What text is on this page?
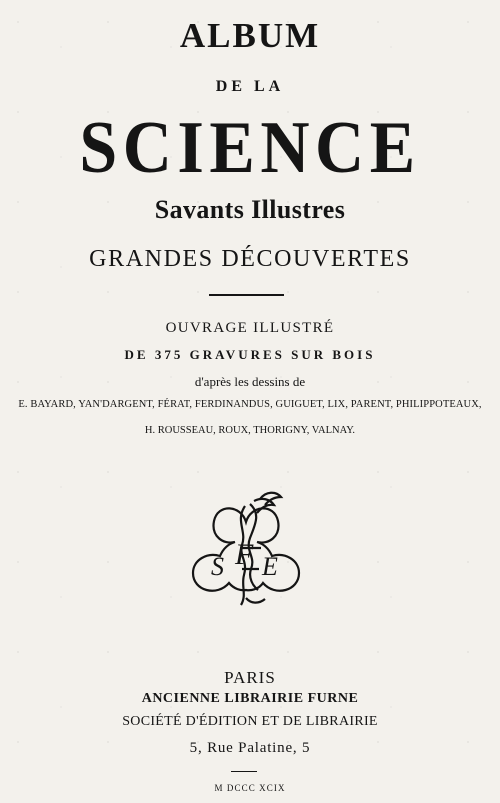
ALBUM
DE LA
SCIENCE
Savants Illustres
GRANDES DÉCOUVERTES
OUVRAGE ILLUSTRÉ
DE 375 GRAVURES SUR BOIS
d'après les dessins de
E. BAYARD, YAN'DARGENT, FÉRAT, FERDINANDUS, GUIGUET, LIX, PARENT, PHILIPPOTEAUX,
H. ROUSSEAU, ROUX, THORIGNY, VALNAY.
S F E
PARIS
ANCIENNE LIBRAIRIE FURNE
SOCIÉTÉ D'ÉDITION ET DE LIBRAIRIE
5, Rue Palatine, 5
M DCCC XCIX
